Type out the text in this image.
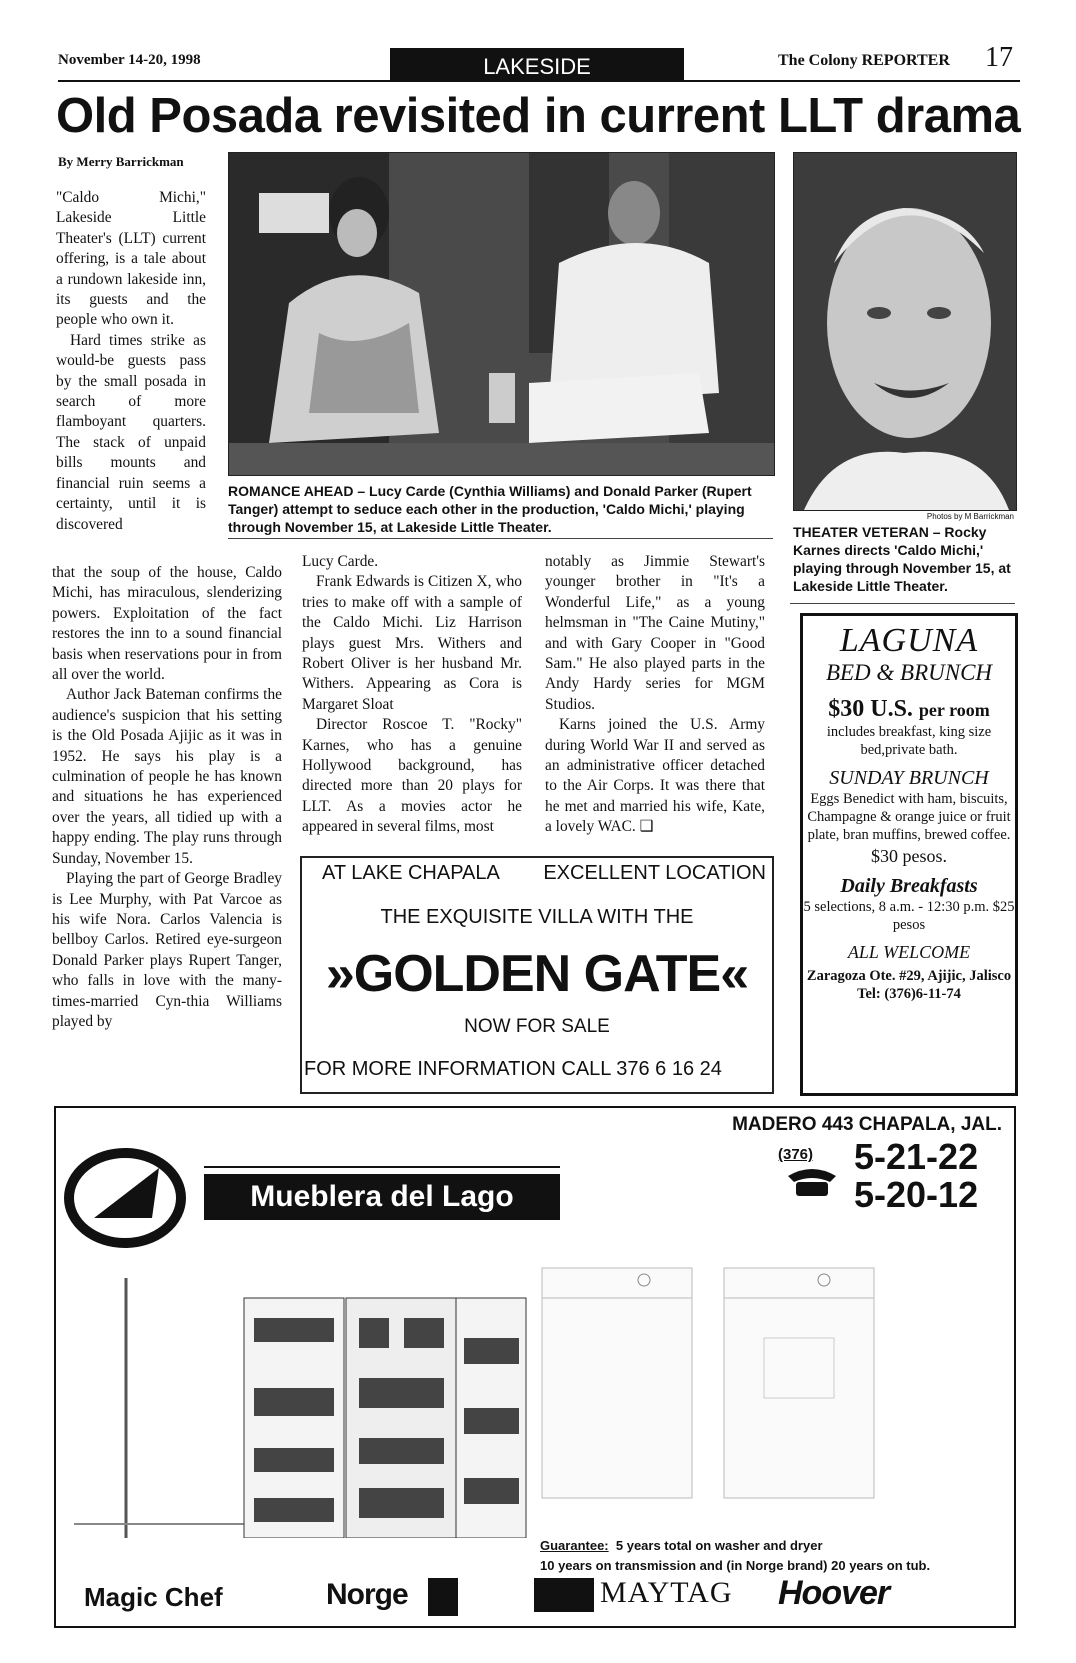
November 14-20, 1998	LAKESIDE	The Colony REPORTER 17
Old Posada revisited in current LLT drama
By Merry Barrickman

"Caldo Michi," Lakeside Little Theater's (LLT) current offering, is a tale about a rundown lakeside inn, its guests and the people who own it.

Hard times strike as would-be guests pass by the small posada in search of more flamboyant quarters. The stack of unpaid bills mounts and financial ruin seems a certainty, until it is discovered

that the soup of the house, Caldo Michi, has miraculous, slenderizing powers. Exploitation of the fact restores the inn to a sound financial basis when reservations pour in from all over the world.

Author Jack Bateman confirms the audience's suspicion that his setting is the Old Posada Ajijic as it was in 1952. He says his play is a culmination of people he has known and situations he has experienced over the years, all tidied up with a happy ending. The play runs through Sunday, November 15.

Playing the part of George Bradley is Lee Murphy, with Pat Varcoe as his wife Nora. Carlos Valencia is bellboy Carlos. Retired eye-surgeon Donald Parker plays Rupert Tanger, who falls in love with the many-times-married Cyn-thia Williams played by

Lucy Carde.

Frank Edwards is Citizen X, who tries to make off with a sample of the Caldo Michi. Liz Harrison plays guest Mrs. Withers and Robert Oliver is her husband Mr. Withers. Appearing as Cora is Margaret Sloat

Director Roscoe T. "Rocky" Karnes, who has a genuine Hollywood background, has directed more than 20 plays for LLT. As a movies actor he appeared in several films, most

notably as Jimmie Stewart's younger brother in "It's a Wonderful Life," as a young helmsman in "The Caine Mutiny," and with Gary Cooper in "Good Sam." He also played parts in the Andy Hardy series for MGM Studios.

Karns joined the U.S. Army during World War II and served as an administrative officer detached to the Air Corps. It was there that he met and married his wife, Kate, a lovely WAC. ❑

ROMANCE AHEAD – Lucy Carde (Cynthia Williams) and Donald Parker (Rupert Tanger) attempt to seduce each other in the production, 'Caldo Michi,' playing through November 15, at Lakeside Little Theater.
Photos by M Barrickman
THEATER VETERAN – Rocky Karnes directs 'Caldo Michi,' playing through November 15, at Lakeside Little Theater.
AT LAKE CHAPALA EXCELLENT LOCATION
THE EXQUISITE VILLA WITH THE
»GOLDEN GATE«
NOW FOR SALE
FOR MORE INFORMATION CALL 376 6 16 24
LAGUNA
BED & BRUNCH
$30 U.S. per room
includes breakfast, king size bed,private bath.
SUNDAY BRUNCH
Eggs Benedict with ham, biscuits, Champagne & orange juice or fruit plate, bran muffins, brewed coffee.
$30 pesos.
Daily Breakfasts
5 selections, 8 a.m. - 12:30 p.m. $25 pesos
ALL WELCOME
Zaragoza Ote. #29, Ajijic, Jalisco Tel: (376)6-11-74
MADERO 443 CHAPALA, JAL.
Mueblera del Lago
(376) 5-21-22
5-20-12
Guarantee: 5 years total on washer and dryer
10 years on transmission and (in Norge brand) 20 years on tub.
Magic Chef	Norge	MAYTAG Hoover
